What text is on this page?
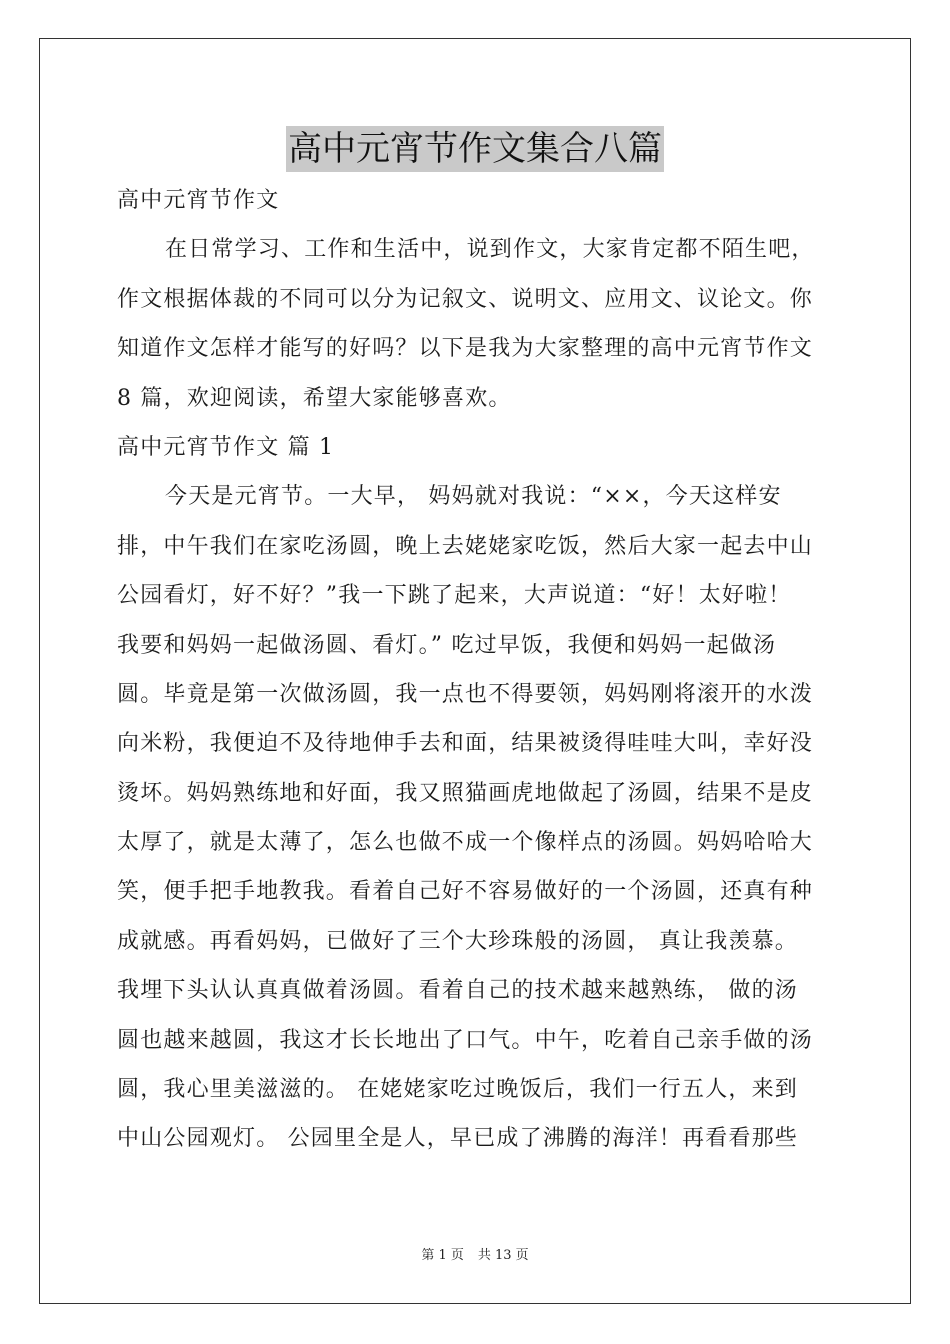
高中元宵节作文集合八篇
高中元宵节作文
在日常学习、工作和生活中，说到作文，大家肯定都不陌生吧，
作文根据体裁的不同可以分为记叙文、说明文、应用文、议论文。你
知道作文怎样才能写的好吗？以下是我为大家整理的高中元宵节作文
8 篇，欢迎阅读，希望大家能够喜欢。
高中元宵节作文 篇 1
今天是元宵节。一大早， 妈妈就对我说：“××，今天这样安
排，中午我们在家吃汤圆，晚上去姥姥家吃饭，然后大家一起去中山
公园看灯，好不好？”我一下跳了起来，大声说道：“好！太好啦！
我要和妈妈一起做汤圆、看灯。” 吃过早饭，我便和妈妈一起做汤
圆。毕竟是第一次做汤圆，我一点也不得要领，妈妈刚将滚开的水泼
向米粉，我便迫不及待地伸手去和面，结果被烫得哇哇大叫，幸好没
烫坏。妈妈熟练地和好面，我又照猫画虎地做起了汤圆，结果不是皮
太厚了，就是太薄了，怎么也做不成一个像样点的汤圆。妈妈哈哈大
笑，便手把手地教我。看着自己好不容易做好的一个汤圆，还真有种
成就感。再看妈妈，已做好了三个大珍珠般的汤圆， 真让我羡慕。
我埋下头认认真真做着汤圆。看着自己的技术越来越熟练， 做的汤
圆也越来越圆，我这才长长地出了口气。中午，吃着自己亲手做的汤
圆，我心里美滋滋的。 在姥姥家吃过晚饭后，我们一行五人，来到
中山公园观灯。 公园里全是人，早已成了沸腾的海洋！再看看那些
第 1 页 共 13 页
